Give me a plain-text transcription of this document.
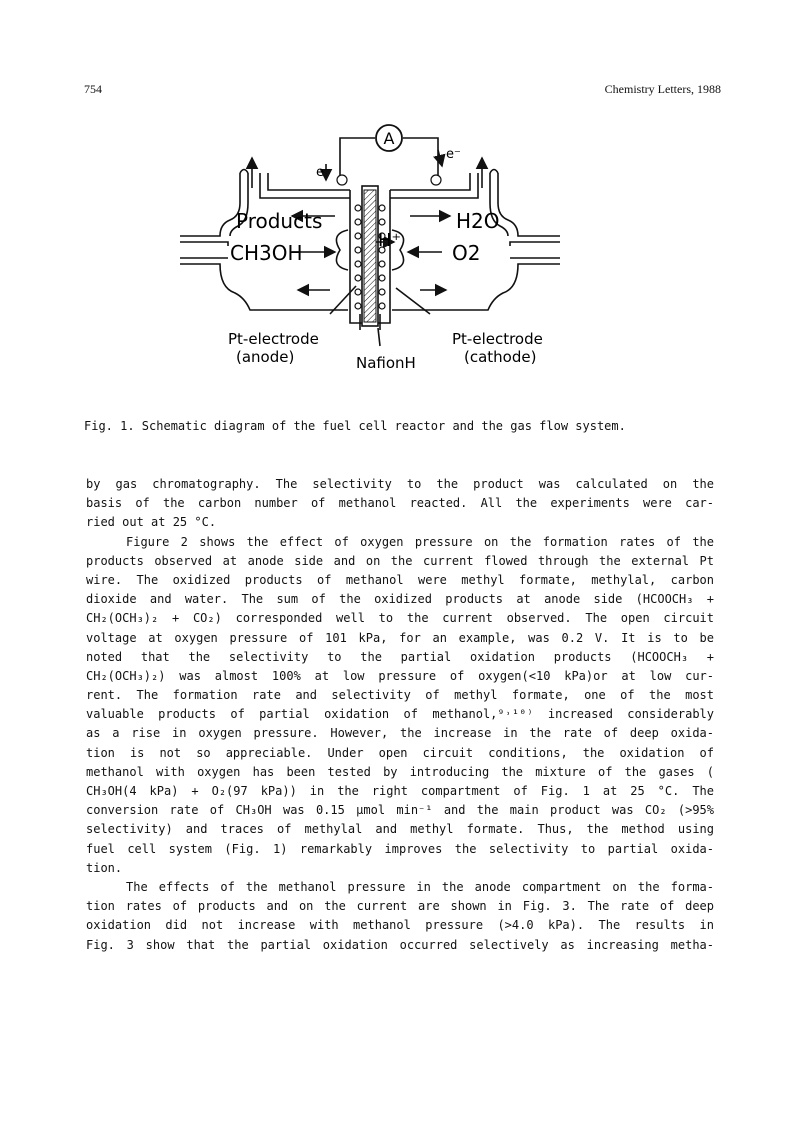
754	Chemistry Letters, 1988
A
e⁻
e⁻
Products
CH3OH
H⁺
H2O
O2
Pt-electrode
(anode)	NafionH
Pt-electrode
(cathode)
Fig. 1. Schematic diagram of the fuel cell reactor and the gas flow system.
by gas chromatography. The selectivity to the product was calculated on the
basis of the carbon number of methanol reacted. All the experiments were car-
ried out at 25 °C.
Figure 2 shows the effect of oxygen pressure on the formation rates of the
products observed at anode side and on the current flowed through the external Pt
wire. The oxidized products of methanol were methyl formate, methylal, carbon
dioxide and water. The sum of the oxidized products at anode side (HCOOCH₃ +
CH₂(OCH₃)₂ + CO₂) corresponded well to the current observed. The open circuit
voltage at oxygen pressure of 101 kPa, for an example, was 0.2 V. It is to be
noted that the selectivity to the partial oxidation products (HCOOCH₃ +
CH₂(OCH₃)₂) was almost 100% at low pressure of oxygen(<10 kPa)or at low cur-
rent. The formation rate and selectivity of methyl formate, one of the most
valuable products of partial oxidation of methanol,⁹˒¹⁰⁾ increased considerably
as a rise in oxygen pressure. However, the increase in the rate of deep oxida-
tion is not so appreciable. Under open circuit conditions, the oxidation of
methanol with oxygen has been tested by introducing the mixture of the gases (
CH₃OH(4 kPa) + O₂(97 kPa)) in the right compartment of Fig. 1 at 25 °C. The
conversion rate of CH₃OH was 0.15 μmol min⁻¹ and the main product was CO₂ (>95%
selectivity) and traces of methylal and methyl formate. Thus, the method using
fuel cell system (Fig. 1) remarkably improves the selectivity to partial oxida-
tion.
The effects of the methanol pressure in the anode compartment on the forma-
tion rates of products and on the current are shown in Fig. 3. The rate of deep
oxidation did not increase with methanol pressure (>4.0 kPa). The results in
Fig. 3 show that the partial oxidation occurred selectively as increasing metha-
